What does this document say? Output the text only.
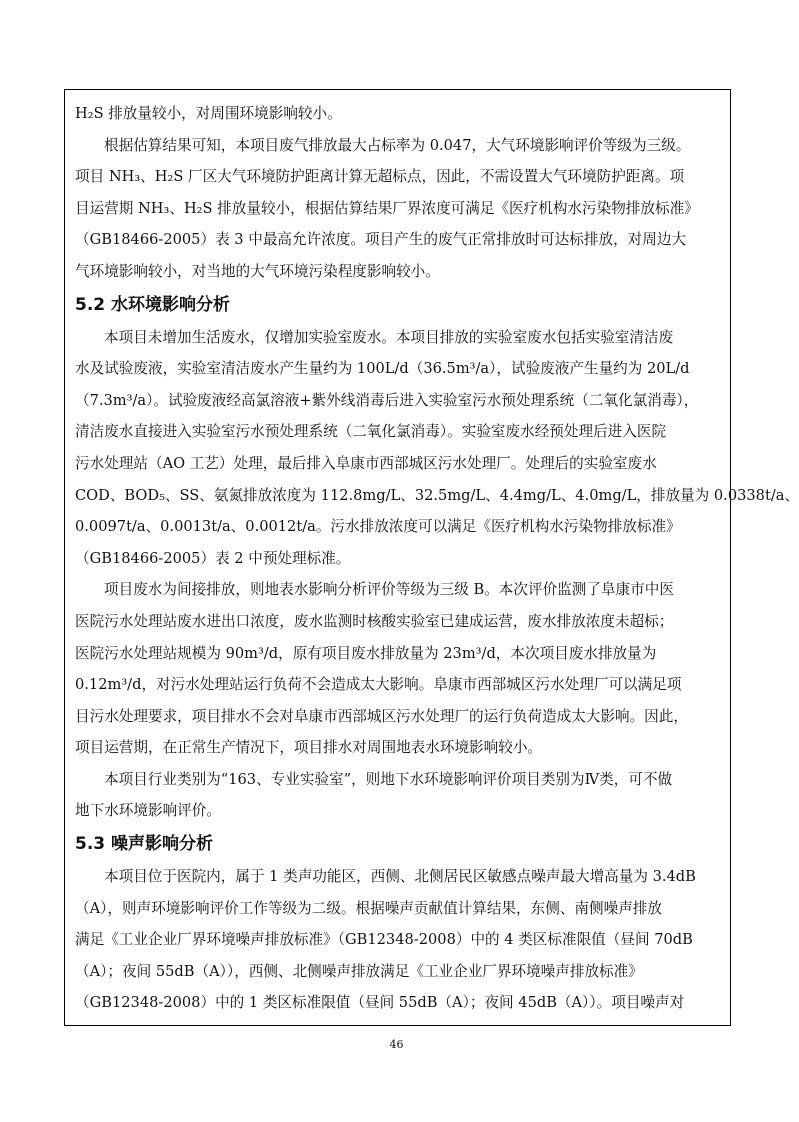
H₂S 排放量较小，对周围环境影响较小。

根据估算结果可知，本项目废气排放最大占标率为 0.047，大气环境影响评价等级为三级。

项目 NH₃、H₂S 厂区大气环境防护距离计算无超标点，因此，不需设置大气环境防护距离。项

目运营期 NH₃、H₂S 排放量较小，根据估算结果厂界浓度可满足《医疗机构水污染物排放标准》

（GB18466-2005）表 3 中最高允许浓度。项目产生的废气正常排放时可达标排放，对周边大

气环境影响较小，对当地的大气环境污染程度影响较小。

5.2 水环境影响分析

本项目未增加生活废水，仅增加实验室废水。本项目排放的实验室废水包括实验室清洁废

水及试验废液，实验室清洁废水产生量约为 100L/d（36.5m³/a），试验废液产生量约为 20L/d

（7.3m³/a）。试验废液经高氯溶液+紫外线消毒后进入实验室污水预处理系统（二氧化氯消毒），

清洁废水直接进入实验室污水预处理系统（二氧化氯消毒）。实验室废水经预处理后进入医院

污水处理站（AO 工艺）处理，最后排入阜康市西部城区污水处理厂。处理后的实验室废水

COD、BOD₅、SS、氨氮排放浓度为 112.8mg/L、32.5mg/L、4.4mg/L、4.0mg/L，排放量为 0.0338t/a、

0.0097t/a、0.0013t/a、0.0012t/a。污水排放浓度可以满足《医疗机构水污染物排放标准》

（GB18466-2005）表 2 中预处理标准。

项目废水为间接排放，则地表水影响分析评价等级为三级 B。本次评价监测了阜康市中医

医院污水处理站废水进出口浓度，废水监测时核酸实验室已建成运营，废水排放浓度未超标；

医院污水处理站规模为 90m³/d，原有项目废水排放量为 23m³/d，本次项目废水排放量为

0.12m³/d，对污水处理站运行负荷不会造成太大影响。阜康市西部城区污水处理厂可以满足项

目污水处理要求，项目排水不会对阜康市西部城区污水处理厂的运行负荷造成太大影响。因此，

项目运营期，在正常生产情况下，项目排水对周围地表水环境影响较小。

本项目行业类别为“163、专业实验室”，则地下水环境影响评价项目类别为Ⅳ类，可不做

地下水环境影响评价。

5.3 噪声影响分析

本项目位于医院内，属于 1 类声功能区，西侧、北侧居民区敏感点噪声最大增高量为 3.4dB

（A），则声环境影响评价工作等级为二级。根据噪声贡献值计算结果，东侧、南侧噪声排放

满足《工业企业厂界环境噪声排放标准》（GB12348-2008）中的 4 类区标准限值（昼间 70dB

（A）；夜间 55dB（A）），西侧、北侧噪声排放满足《工业企业厂界环境噪声排放标准》

（GB12348-2008）中的 1 类区标准限值（昼间 55dB（A）；夜间 45dB（A））。项目噪声对

46
